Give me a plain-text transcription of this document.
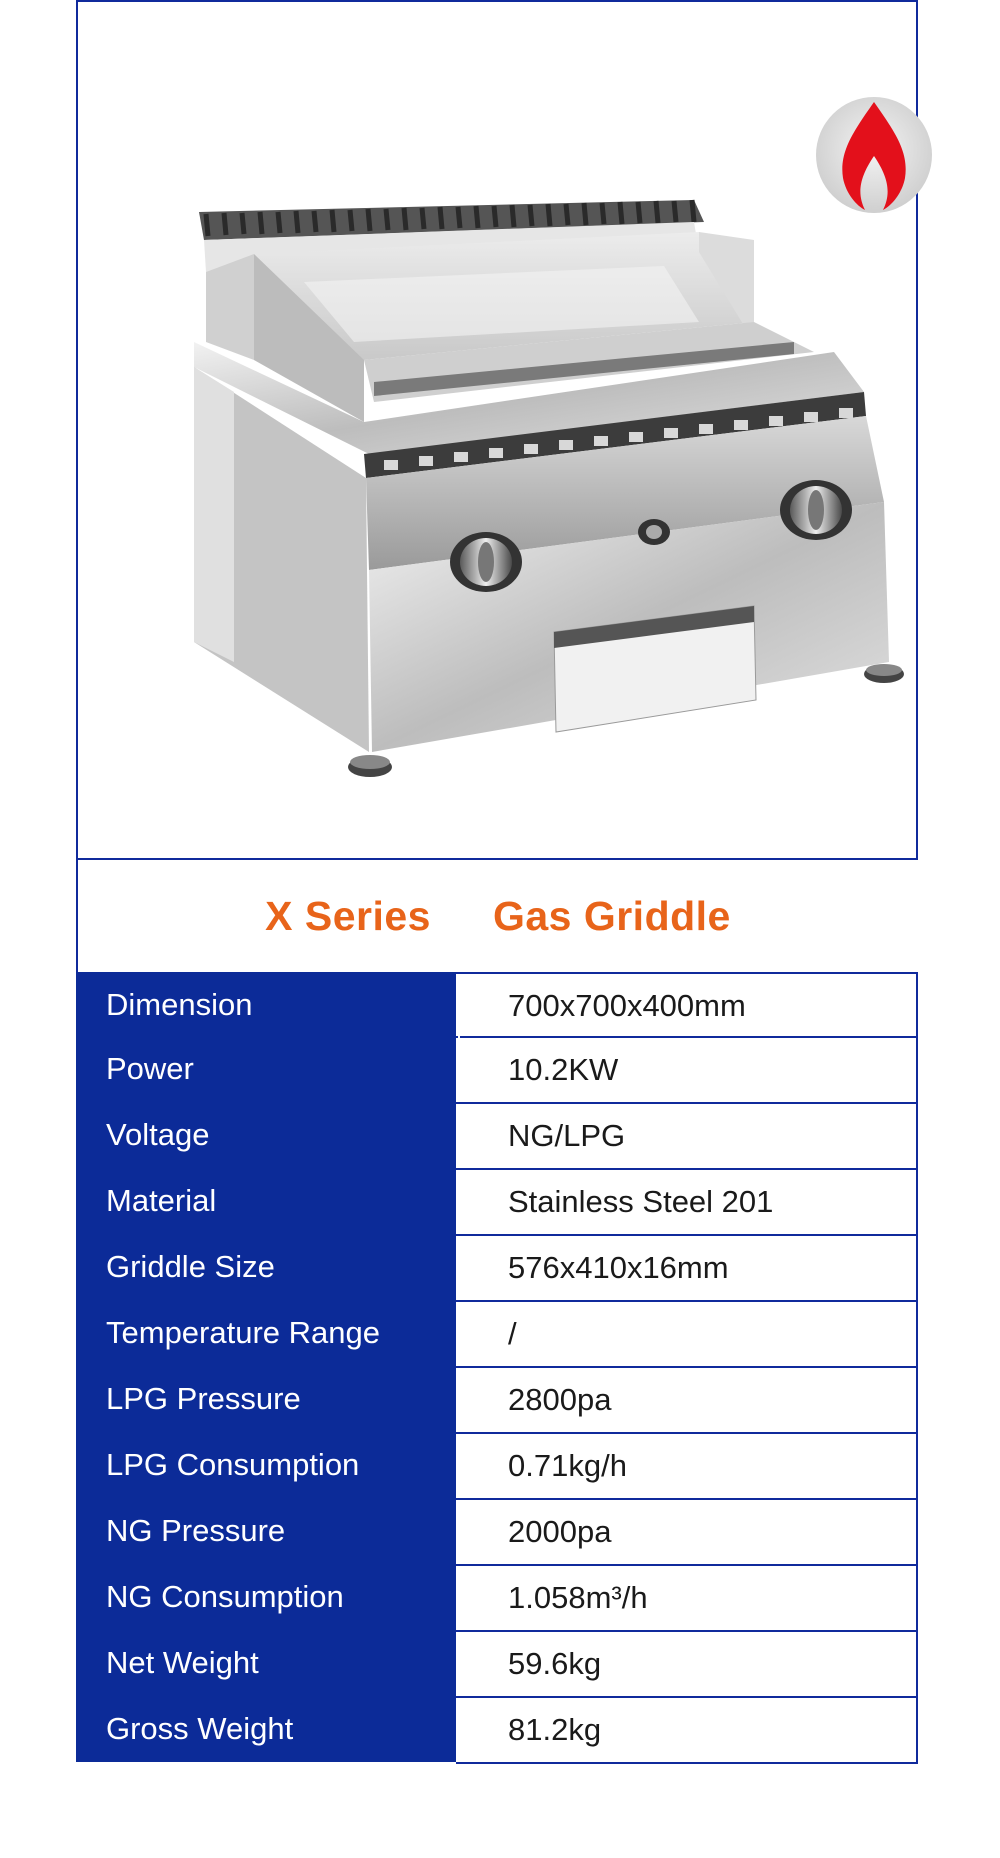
X Series Gas Griddle
Dimension	700x700x400mm
Power	10.2KW
Voltage	NG/LPG
Material	Stainless Steel 201
Griddle Size	576x410x16mm
Temperature Range	/
LPG Pressure	2800pa
LPG Consumption	0.71kg/h
NG Pressure	2000pa
NG Consumption	1.058m³/h
Net Weight	59.6kg
Gross Weight	81.2kg
